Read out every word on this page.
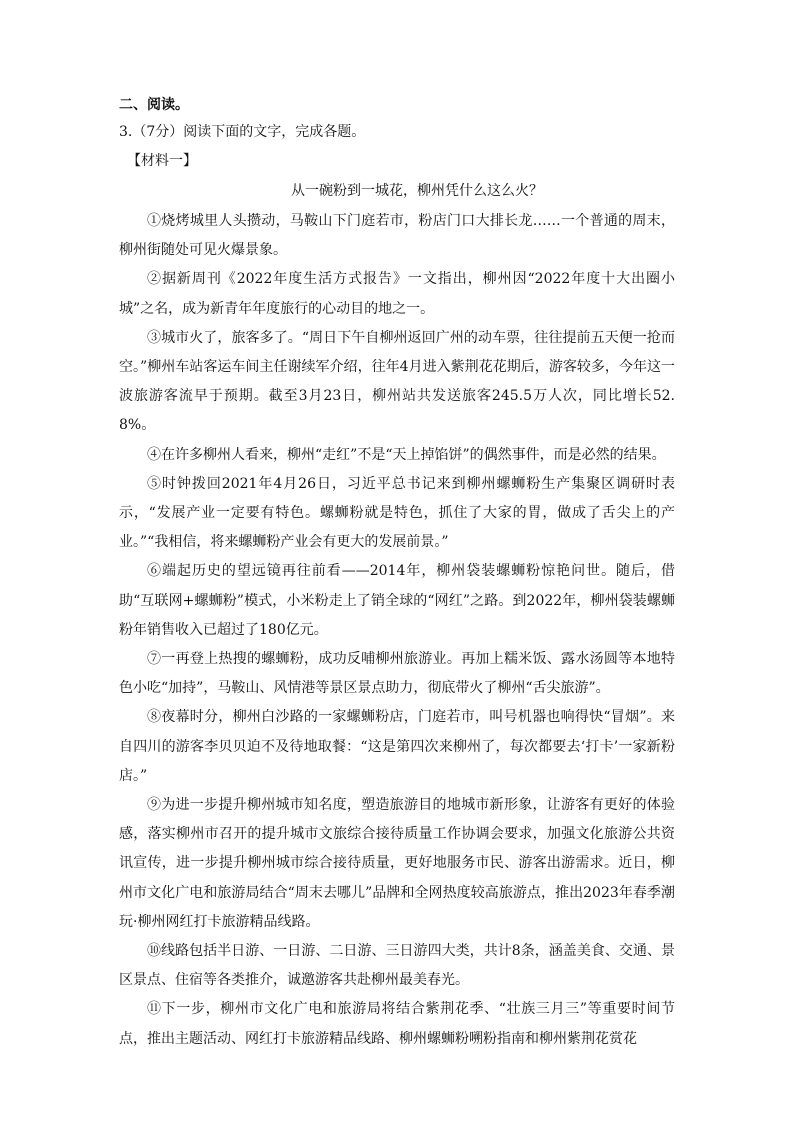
二、阅读。

3.（7分）阅读下面的文字，完成各题。

【材料一】

从一碗粉到一城花，柳州凭什么这么火？

①烧烤城里人头攒动，马鞍山下门庭若市，粉店门口大排长龙……一个普通的周末，柳州街随处可见火爆景象。

②据新周刊《2022年度生活方式报告》一文指出，柳州因“2022年度十大出圈小城”之名，成为新青年年度旅行的心动目的地之一。

③城市火了，旅客多了。“周日下午自柳州返回广州的动车票，往往提前五天便一抢而空。”柳州车站客运车间主任谢续军介绍，往年4月进入紫荆花花期后，游客较多，今年这一波旅游客流早于预期。截至3月23日，柳州站共发送旅客245.5万人次，同比增长52.8%。

④在许多柳州人看来，柳州“走红”不是“天上掉馅饼”的偶然事件，而是必然的结果。

⑤时钟拨回2021年4月26日，习近平总书记来到柳州螺蛳粉生产集聚区调研时表示，“发展产业一定要有特色。螺蛳粉就是特色，抓住了大家的胃，做成了舌尖上的产业。”“我相信，将来螺蛳粉产业会有更大的发展前景。”

⑥端起历史的望远镜再往前看——2014年，柳州袋装螺蛳粉惊艳问世。随后，借助“互联网+螺蛳粉”模式，小米粉走上了销全球的“网红”之路。到2022年，柳州袋装螺蛳粉年销售收入已超过了180亿元。

⑦一再登上热搜的螺蛳粉，成功反哺柳州旅游业。再加上糯米饭、露水汤圆等本地特色小吃“加持”，马鞍山、风情港等景区景点助力，彻底带火了柳州“舌尖旅游”。

⑧夜幕时分，柳州白沙路的一家螺蛳粉店，门庭若市，叫号机器也响得快“冒烟”。来自四川的游客李贝贝迫不及待地取餐：“这是第四次来柳州了，每次都要去‘打卡’一家新粉店。”

⑨为进一步提升柳州城市知名度，塑造旅游目的地城市新形象，让游客有更好的体验感，落实柳州市召开的提升城市文旅综合接待质量工作协调会要求，加强文化旅游公共资讯宣传，进一步提升柳州城市综合接待质量，更好地服务市民、游客出游需求。近日，柳州市文化广电和旅游局结合“周末去哪儿”品牌和全网热度较高旅游点，推出2023年春季潮玩·柳州网红打卡旅游精品线路。

⑩线路包括半日游、一日游、二日游、三日游四大类，共计8条，涵盖美食、交通、景区景点、住宿等各类推介，诚邀游客共赴柳州最美春光。

⑪下一步，柳州市文化广电和旅游局将结合紫荆花季、“壮族三月三”等重要时间节点，推出主题活动、网红打卡旅游精品线路、柳州螺蛳粉嗍粉指南和柳州紫荆花赏花
